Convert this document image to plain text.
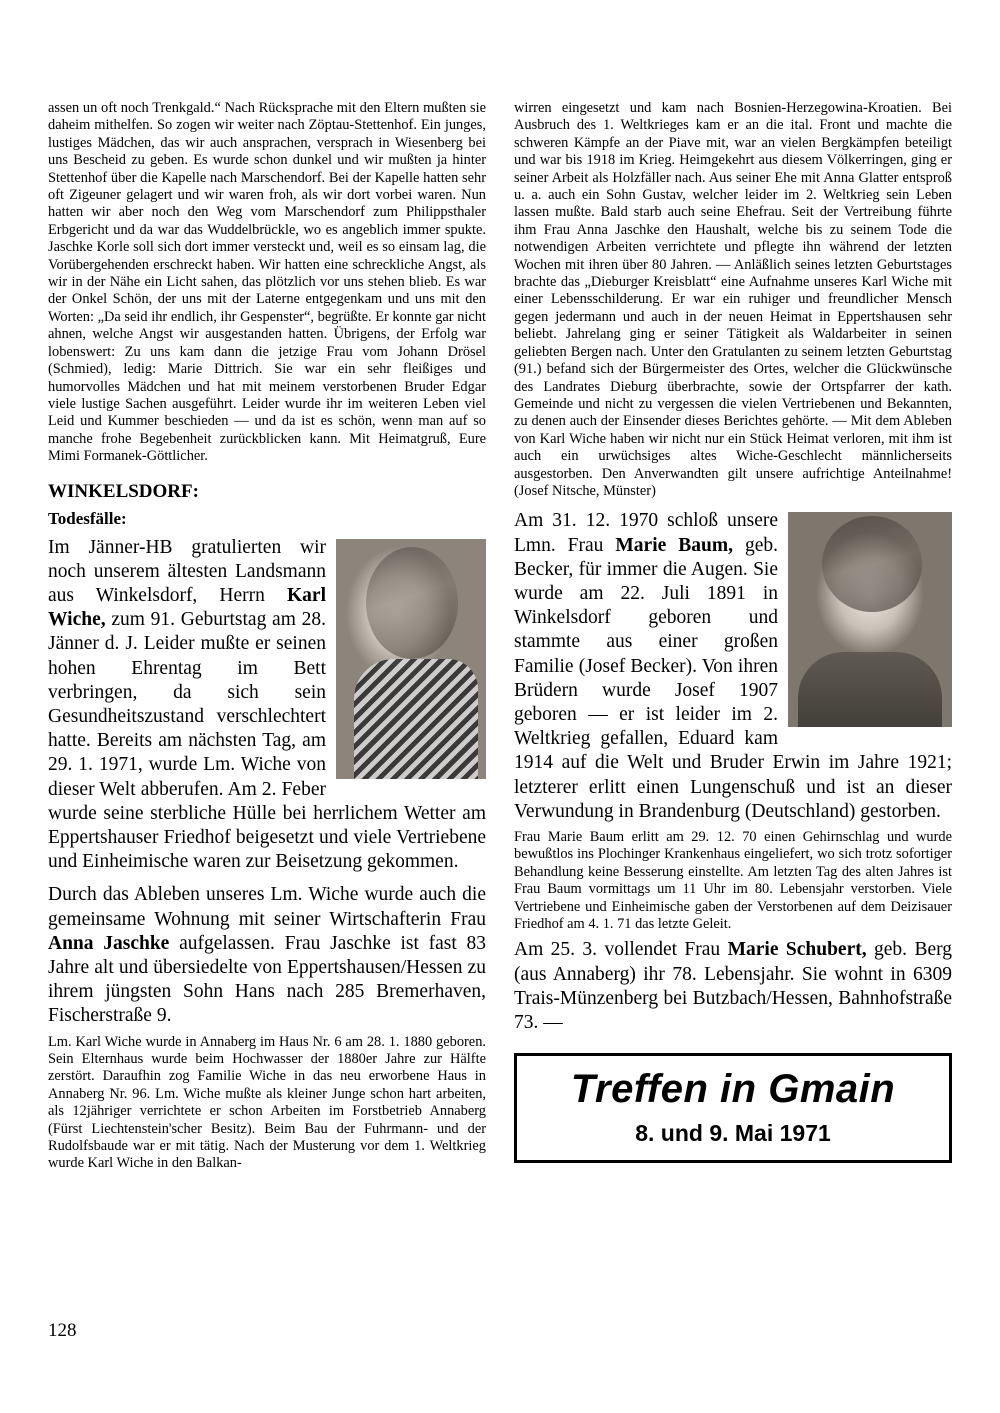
assen un oft noch Trenkgald.“ Nach Rücksprache mit den Eltern mußten sie daheim mithelfen. So zogen wir weiter nach Zöptau-Stettenhof. Ein junges, lustiges Mädchen, das wir auch ansprachen, versprach in Wiesenberg bei uns Bescheid zu geben. Es wurde schon dunkel und wir mußten ja hinter Stettenhof über die Kapelle nach Marschendorf. Bei der Kapelle hatten sehr oft Zigeuner gelagert und wir waren froh, als wir dort vorbei waren. Nun hatten wir aber noch den Weg vom Marschendorf zum Philippsthaler Erbgericht und da war das Wuddelbrückle, wo es angeblich immer spukte. Jaschke Korle soll sich dort immer versteckt und, weil es so einsam lag, die Vorübergehenden erschreckt haben. Wir hatten eine schreckliche Angst, als wir in der Nähe ein Licht sahen, das plötzlich vor uns stehen blieb. Es war der Onkel Schön, der uns mit der Laterne entgegenkam und uns mit den Worten: „Da seid ihr endlich, ihr Gespenster“, begrüßte. Er konnte gar nicht ahnen, welche Angst wir ausgestanden hatten. Übrigens, der Erfolg war lobenswert: Zu uns kam dann die jetzige Frau vom Johann Drösel (Schmied), ledig: Marie Dittrich. Sie war ein sehr fleißiges und humorvolles Mädchen und hat mit meinem verstorbenen Bruder Edgar viele lustige Sachen ausgeführt. Leider wurde ihr im weiteren Leben viel Leid und Kummer beschieden — und da ist es schön, wenn man auf so manche frohe Begebenheit zurückblicken kann. Mit Heimatgruß, Eure Mimi Formanek-Göttlicher.

WINKELSDORF:
Todesfälle:

Im Jänner-HB gratulierten wir noch unserem ältesten Landsmann aus Winkelsdorf, Herrn Karl Wiche, zum 91. Geburtstag am 28. Jänner d. J. Leider mußte er seinen hohen Ehrentag im Bett verbringen, da sich sein Gesundheitszustand verschlechtert hatte. Bereits am nächsten Tag, am 29. 1. 1971, wurde Lm. Wiche von dieser Welt abberufen. Am 2. Feber wurde seine sterbliche Hülle bei herrlichem Wetter am Eppertshauser Friedhof beigesetzt und viele Vertriebene und Einheimische waren zur Beisetzung gekommen.

Durch das Ableben unseres Lm. Wiche wurde auch die gemeinsame Wohnung mit seiner Wirtschafterin Frau Anna Jaschke aufgelassen. Frau Jaschke ist fast 83 Jahre alt und übersiedelte von Eppertshausen/Hessen zu ihrem jüngsten Sohn Hans nach 285 Bremerhaven, Fischerstraße 9.

Lm. Karl Wiche wurde in Annaberg im Haus Nr. 6 am 28. 1. 1880 geboren. Sein Elternhaus wurde beim Hochwasser der 1880er Jahre zur Hälfte zerstört. Daraufhin zog Familie Wiche in das neu erworbene Haus in Annaberg Nr. 96. Lm. Wiche mußte als kleiner Junge schon hart arbeiten, als 12jähriger verrichtete er schon Arbeiten im Forstbetrieb Annaberg (Fürst Liechtenstein'scher Besitz). Beim Bau der Fuhrmann- und der Rudolfsbaude war er mit tätig. Nach der Musterung vor dem 1. Weltkrieg wurde Karl Wiche in den Balkan-

wirren eingesetzt und kam nach Bosnien-Herzegowina-Kroatien. Bei Ausbruch des 1. Weltkrieges kam er an die ital. Front und machte die schweren Kämpfe an der Piave mit, war an vielen Bergkämpfen beteiligt und war bis 1918 im Krieg. Heimgekehrt aus diesem Völkerringen, ging er seiner Arbeit als Holzfäller nach. Aus seiner Ehe mit Anna Glatter entsproß u. a. auch ein Sohn Gustav, welcher leider im 2. Weltkrieg sein Leben lassen mußte. Bald starb auch seine Ehefrau. Seit der Vertreibung führte ihm Frau Anna Jaschke den Haushalt, welche bis zu seinem Tode die notwendigen Arbeiten verrichtete und pflegte ihn während der letzten Wochen mit ihren über 80 Jahren. — Anläßlich seines letzten Geburtstages brachte das „Dieburger Kreisblatt“ eine Aufnahme unseres Karl Wiche mit einer Lebensschilderung. Er war ein ruhiger und freundlicher Mensch gegen jedermann und auch in der neuen Heimat in Eppertshausen sehr beliebt. Jahrelang ging er seiner Tätigkeit als Waldarbeiter in seinen geliebten Bergen nach. Unter den Gratulanten zu seinem letzten Geburtstag (91.) befand sich der Bürgermeister des Ortes, welcher die Glückwünsche des Landrates Dieburg überbrachte, sowie der Ortspfarrer der kath. Gemeinde und nicht zu vergessen die vielen Vertriebenen und Bekannten, zu denen auch der Einsender dieses Berichtes gehörte. — Mit dem Ableben von Karl Wiche haben wir nicht nur ein Stück Heimat verloren, mit ihm ist auch ein urwüchsiges altes Wiche-Geschlecht männlicherseits ausgestorben. Den Anverwandten gilt unsere aufrichtige Anteilnahme! (Josef Nitsche, Münster)

Am 31. 12. 1970 schloß unsere Lmn. Frau Marie Baum, geb. Becker, für immer die Augen. Sie wurde am 22. Juli 1891 in Winkelsdorf geboren und stammte aus einer großen Familie (Josef Becker). Von ihren Brüdern wurde Josef 1907 geboren — er ist leider im 2. Weltkrieg gefallen, Eduard kam 1914 auf die Welt und Bruder Erwin im Jahre 1921; letzterer erlitt einen Lungenschuß und ist an dieser Verwundung in Brandenburg (Deutschland) gestorben.

Frau Marie Baum erlitt am 29. 12. 70 einen Gehirnschlag und wurde bewußtlos ins Plochinger Krankenhaus eingeliefert, wo sich trotz sofortiger Behandlung keine Besserung einstellte. Am letzten Tag des alten Jahres ist Frau Baum vormittags um 11 Uhr im 80. Lebensjahr verstorben. Viele Vertriebene und Einheimische gaben der Verstorbenen auf dem Deizisauer Friedhof am 4. 1. 71 das letzte Geleit.

Am 25. 3. vollendet Frau Marie Schubert, geb. Berg (aus Annaberg) ihr 78. Lebensjahr. Sie wohnt in 6309 Trais-Münzenberg bei Butzbach/Hessen, Bahnhofstraße 73. —

Treffen in Gmain
8. und 9. Mai 1971
128
